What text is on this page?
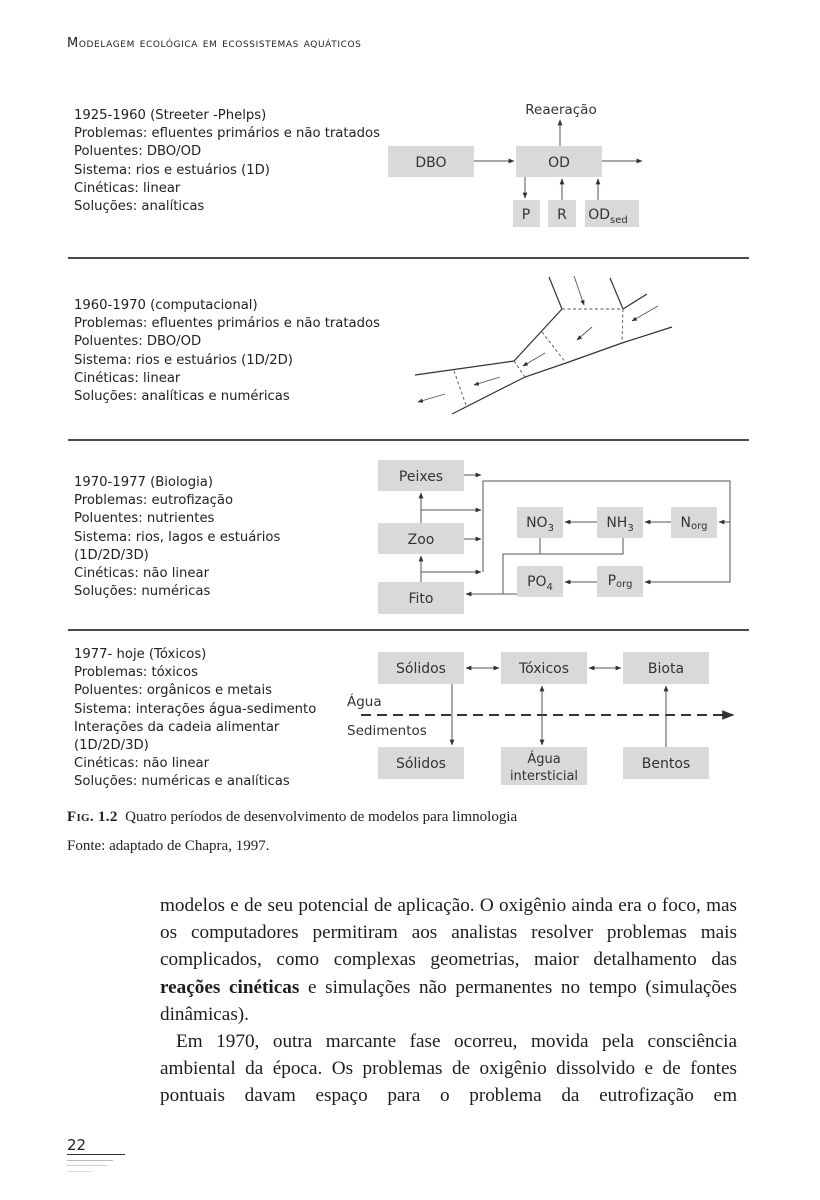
Modelagem ecológica em ecossistemas aquáticos
1925-1960 (Streeter -Phelps)
Problemas: efluentes primários e não tratados
Poluentes: DBO/OD
Sistema: rios e estuários (1D)
Cinéticas: linear
Soluções: analíticas
1960-1970 (computacional)
Problemas: efluentes primários e não tratados
Poluentes: DBO/OD
Sistema: rios e estuários (1D/2D)
Cinéticas: linear
Soluções: analíticas e numéricas
1970-1977 (Biologia)
Problemas: eutrofização
Poluentes: nutrientes
Sistema: rios, lagos e estuários
(1D/2D/3D)
Cinéticas: não linear
Soluções: numéricas
1977- hoje (Tóxicos)
Problemas: tóxicos
Poluentes: orgânicos e metais
Sistema: interações água-sedimento
Interações da cadeia alimentar
(1D/2D/3D)
Cinéticas: não linear
Soluções: numéricas e analíticas
Reaeração
DBO	OD
P R $OD_{sed}$
Peixes
Zoo
Fito
$NO_3$	$NH_3$	Norg
$PO_4$	Porg
Sólidos	Tóxicos	Biota
Sólidos	Água
intersticial
Bentos
Água
Sedimentos
Fig. 1.2 Quatro períodos de desenvolvimento de modelos para limnologia
Fonte: adaptado de Chapra, 1997.

modelos e de seu potencial de aplicação. O oxigênio ainda era o foco, mas os computadores permitiram aos analistas resolver problemas mais complicados, como complexas geometrias, maior detalhamento das reações cinéticas e simulações não permanentes no tempo (simulações dinâmicas).

Em 1970, outra marcante fase ocorreu, movida pela consciência ambiental da época. Os problemas de oxigênio dissolvido e de fontes pontuais davam espaço para o problema da eutrofização em

22
